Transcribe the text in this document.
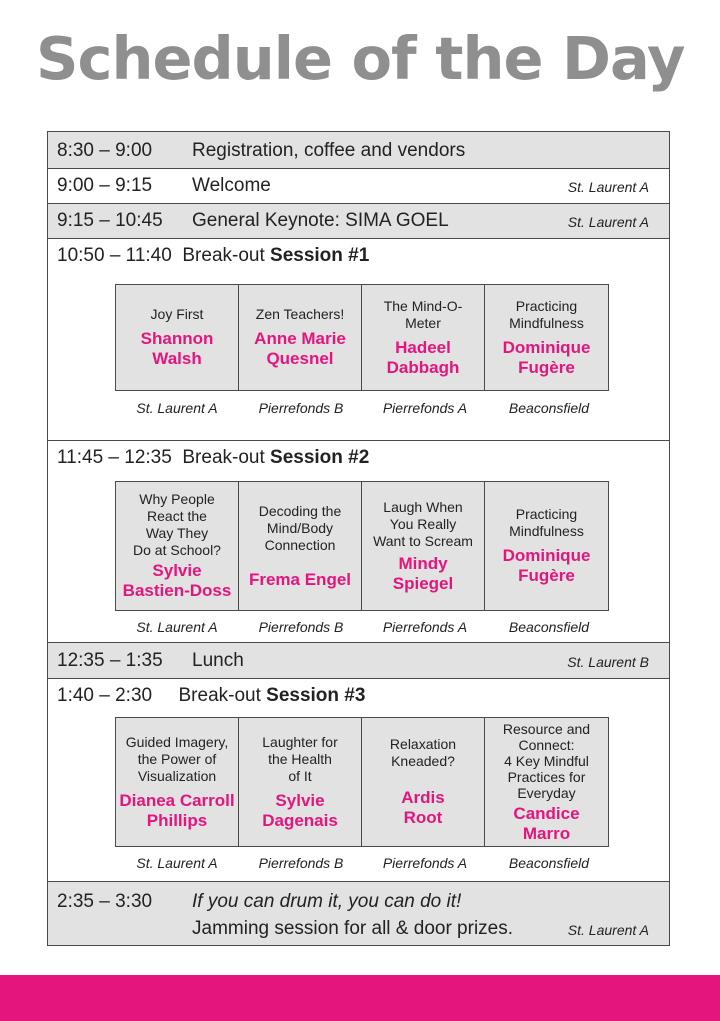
Schedule of the Day
8:30 – 9:00 Registration, coffee and vendors
9:00 – 9:15 Welcome	St. Laurent A
9:15 – 10:45 General Keynote: SIMA GOEL	St. Laurent A
10:50 – 11:40 Break-out Session #1
Joy First
Shannon
Walsh
Zen Teachers!
Anne Marie
Quesnel
The Mind-O-
Meter
Hadeel
Dabbagh
Practicing
Mindfulness
Dominique
Fugère
St. Laurent A	Pierrefonds B	Pierrefonds A	Beaconsfield
11:45 – 12:35 Break-out Session #2
Why People
React the
Way They
Do at School?
Sylvie
Bastien-Doss
Decoding the
Mind/Body
Connection
Frema Engel
Laugh When
You Really
Want to Scream
Mindy
Spiegel
Practicing
Mindfulness
Dominique
Fugère
St. Laurent A	Pierrefonds B	Pierrefonds A	Beaconsfield
12:35 – 1:35 Lunch	St. Laurent B
1:40 – 2:30 Break-out Session #3
Guided Imagery,
the Power of
Visualization
Dianea Carroll
Phillips
Laughter for
the Health
of It
Sylvie
Dagenais
Relaxation
Kneaded?
Ardis
Root
Resource and
Connect:
4 Key Mindful
Practices for
Everyday
Candice Marro
St. Laurent A	Pierrefonds B	Pierrefonds A	Beaconsfield
2:35 – 3:30 If you can drum it, you can do it!
Jamming session for all & door prizes.	St. Laurent A
